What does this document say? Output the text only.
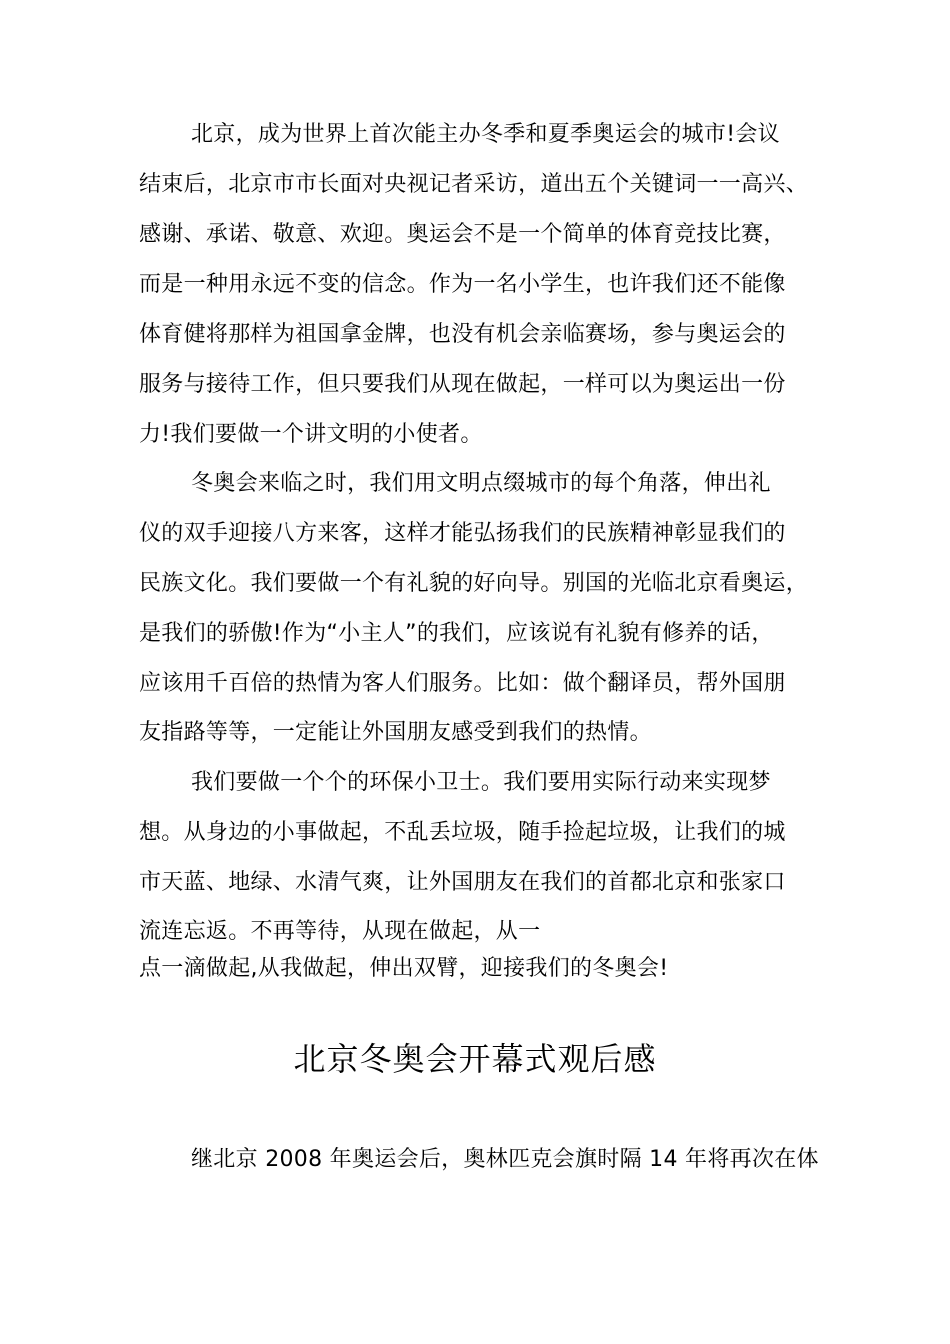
北京，成为世界上首次能主办冬季和夏季奥运会的城市!会议
结束后，北京市市长面对央视记者采访，道出五个关键词一一高兴、
感谢、承诺、敬意、欢迎。奥运会不是一个简单的体育竞技比赛，
而是一种用永远不变的信念。作为一名小学生，也许我们还不能像
体育健将那样为祖国拿金牌，也没有机会亲临赛场，参与奥运会的
服务与接待工作，但只要我们从现在做起，一样可以为奥运出一份
力!我们要做一个讲文明的小使者。
冬奥会来临之时，我们用文明点缀城市的每个角落，伸出礼
仪的双手迎接八方来客，这样才能弘扬我们的民族精神彰显我们的
民族文化。我们要做一个有礼貌的好向导。别国的光临北京看奥运，
是我们的骄傲!作为“小主人”的我们，应该说有礼貌有修养的话，
应该用千百倍的热情为客人们服务。比如：做个翻译员，帮外国朋
友指路等等，一定能让外国朋友感受到我们的热情。
我们要做一个个的环保小卫士。我们要用实际行动来实现梦
想。从身边的小事做起，不乱丢垃圾，随手捡起垃圾，让我们的城
市天蓝、地绿、水清气爽，让外国朋友在我们的首都北京和张家口
流连忘返。不再等待，从现在做起，从一
点一滴做起,从我做起，伸出双臂，迎接我们的冬奥会!
北京冬奥会开幕式观后感
继北京 2008 年奥运会后，奥林匹克会旗时隔 14 年将再次在体
